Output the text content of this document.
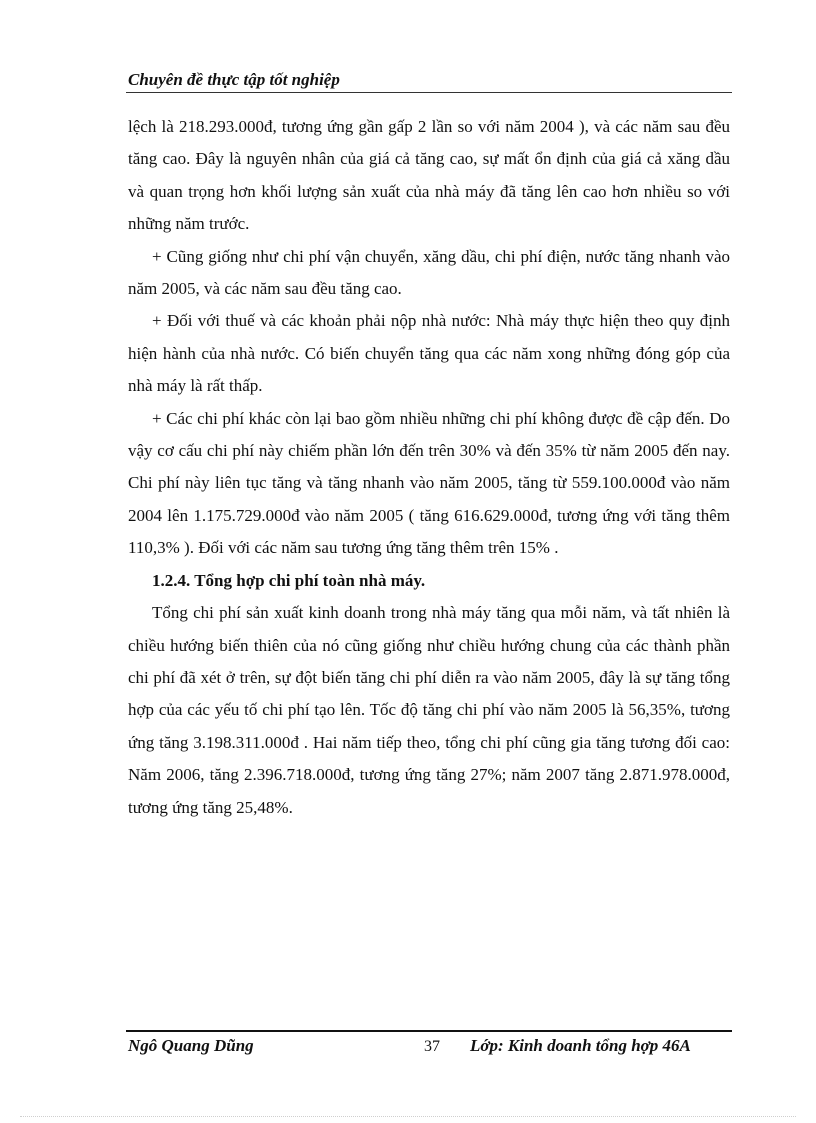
Chuyên đề thực tập tốt nghiệp

lệch là 218.293.000đ, tương ứng gần gấp 2 lần so với năm 2004 ), và các năm sau đều tăng cao. Đây là nguyên nhân của giá cả tăng cao, sự mất ổn định của giá cả xăng dầu và quan trọng hơn khối lượng sản xuất của nhà máy đã tăng lên cao hơn nhiều so với những năm trước.

+ Cũng giống như chi phí vận chuyển, xăng dầu, chi phí điện, nước tăng nhanh vào năm 2005, và các năm sau đều tăng cao.

+ Đối với thuế và các khoản phải nộp nhà nước: Nhà máy thực hiện theo quy định hiện hành của nhà nước. Có biến chuyển tăng qua các năm xong những đóng góp của nhà máy là rất thấp.

+ Các chi phí khác còn lại bao gồm nhiều những chi phí không được đề cập đến. Do vậy cơ cấu chi phí này chiếm phần lớn đến trên 30% và đến 35% từ năm 2005 đến nay. Chi phí này liên tục tăng và tăng nhanh vào năm 2005, tăng từ 559.100.000đ vào năm 2004 lên 1.175.729.000đ vào năm 2005 ( tăng 616.629.000đ, tương ứng với tăng thêm 110,3% ). Đối với các năm sau tương ứng tăng thêm trên 15% .

1.2.4. Tổng hợp chi phí toàn nhà máy.

Tổng chi phí sản xuất kinh doanh trong nhà máy tăng qua mỗi năm, và tất nhiên là chiều hướng biến thiên của nó cũng giống như chiều hướng chung của các thành phần chi phí đã xét ở trên, sự đột biến tăng chi phí diễn ra vào năm 2005, đây là sự tăng tổng hợp của các yếu tố chi phí tạo lên. Tốc độ tăng chi phí vào năm 2005 là 56,35%, tương ứng tăng 3.198.311.000đ . Hai năm tiếp theo, tổng chi phí cũng gia tăng tương đối cao: Năm 2006, tăng 2.396.718.000đ, tương ứng tăng 27%; năm 2007 tăng 2.871.978.000đ, tương ứng tăng 25,48%.

Ngô Quang Dũng	37 Lớp: Kinh doanh tổng hợp 46A
